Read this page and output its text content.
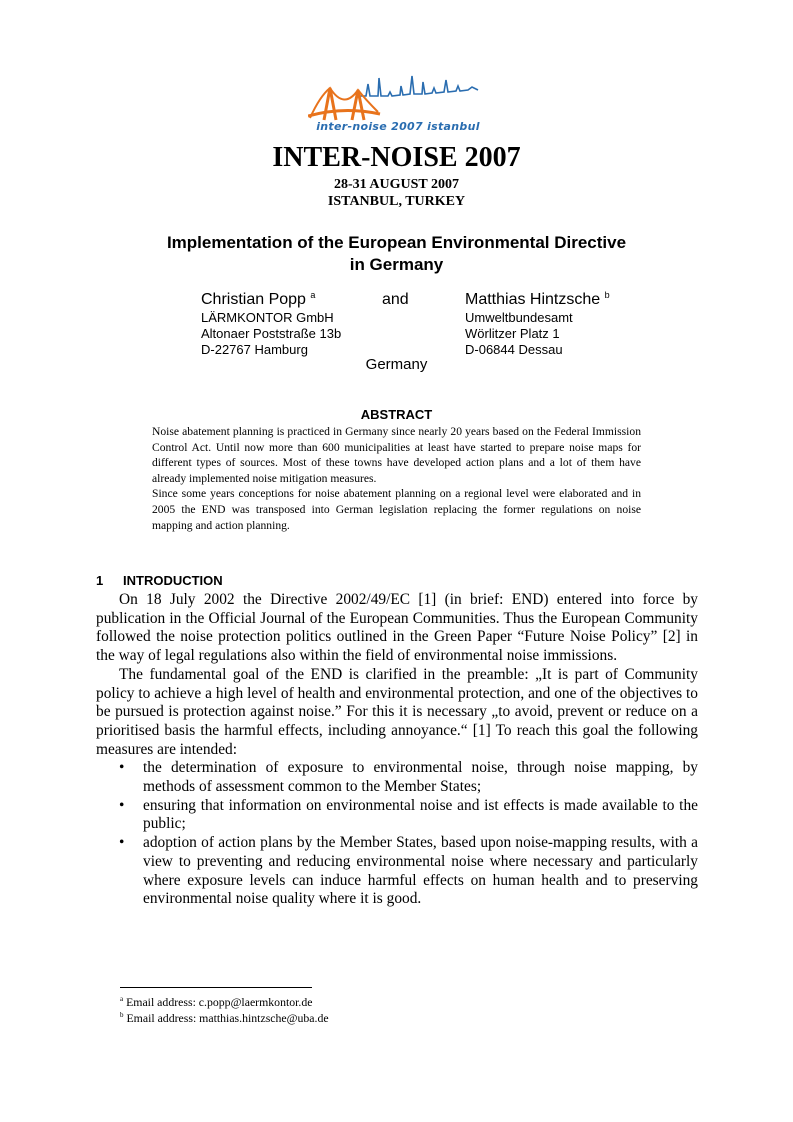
inter-noise 2007 istanbul
INTER-NOISE 2007
28-31 AUGUST 2007
ISTANBUL, TURKEY
Implementation of the European Environmental Directive
in Germany
Christian Popp $^a$	and	Matthias Hintzsche $^b$
LÄRMKONTOR GmbH
Altonaer Poststraße 13b
D-22767 Hamburg
Umweltbundesamt
Wörlitzer Platz 1
D-06844 Dessau
Germany
ABSTRACT

Noise abatement planning is practiced in Germany since nearly 20 years based on the Federal Immission Control Act. Until now more than 600 municipalities at least have started to prepare noise maps for different types of sources. Most of these towns have developed action plans and a lot of them have already implemented noise mitigation measures.

Since some years conceptions for noise abatement planning on a regional level were elaborated and in 2005 the END was transposed into German legislation replacing the former regulations on noise mapping and action planning.

1 INTRODUCTION

On 18 July 2002 the Directive 2002/49/EC [1] (in brief: END) entered into force by publication in the Official Journal of the European Communities. Thus the European Community followed the noise protection politics outlined in the Green Paper “Future Noise Policy” [2] in the way of legal regulations also within the field of environmental noise immissions.

The fundamental goal of the END is clarified in the preamble: „It is part of Community policy to achieve a high level of health and environmental protection, and one of the objectives to be pursued is protection against noise.” For this it is necessary „to avoid, prevent or reduce on a prioritised basis the harmful effects, including annoyance.“ [1] To reach this goal the following measures are intended:

• the determination of exposure to environmental noise, through noise mapping, by methods of assessment common to the Member States;
• ensuring that information on environmental noise and ist effects is made available to the public;
• adoption of action plans by the Member States, based upon noise-mapping results, with a view to preventing and reducing environmental noise where necessary and particularly where exposure levels can induce harmful effects on human health and to preserving environmental noise quality where it is good.
$^a$ Email address: c.popp@laermkontor.de
$^b$ Email address: matthias.hintzsche@uba.de
